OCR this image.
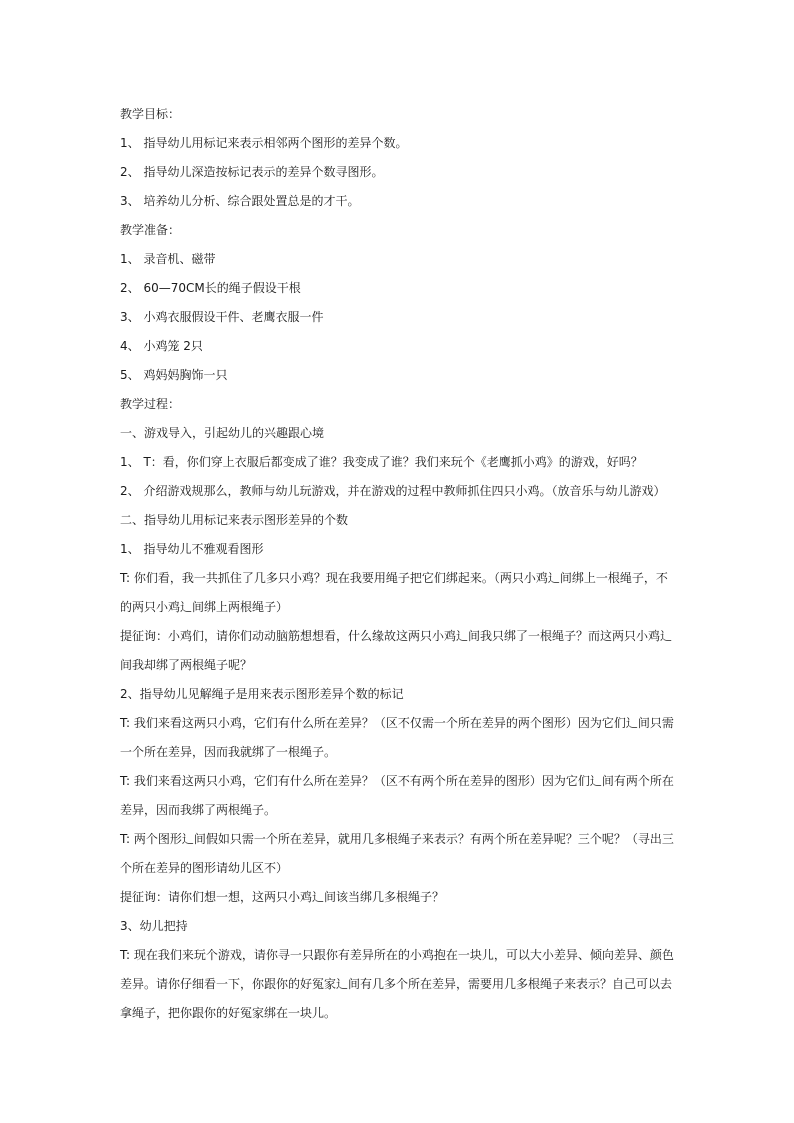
教学目标：

1、 指导幼儿用标记来表示相邻两个图形的差异个数。

2、 指导幼儿深造按标记表示的差异个数寻图形。

3、 培养幼儿分析、综合跟处置总是的才干。

教学准备：

1、 录音机、磁带

2、 60—70CM长的绳子假设干根

3、 小鸡衣服假设干件、老鹰衣服一件

4、 小鸡笼 2只

5、 鸡妈妈胸饰一只

教学过程：

一、游戏导入，引起幼儿的兴趣跟心境

1、 T：看，你们穿上衣服后都变成了谁？我变成了谁？我们来玩个《老鹰抓小鸡》的游戏，好吗？

2、 介绍游戏规那么，教师与幼儿玩游戏，并在游戏的过程中教师抓住四只小鸡。（放音乐与幼儿游戏）

二、指导幼儿用标记来表示图形差异的个数

1、 指导幼儿不雅观看图形

T: 你们看，我一共抓住了几多只小鸡？现在我要用绳子把它们绑起来。（两只小鸡辶间绑上一根绳子，不的两只小鸡辶间绑上两根绳子）

提征询：小鸡们，请你们动动脑筋想想看，什么缘故这两只小鸡辶间我只绑了一根绳子？而这两只小鸡辶间我却绑了两根绳子呢？

2、指导幼儿见解绳子是用来表示图形差异个数的标记

T: 我们来看这两只小鸡，它们有什么所在差异？（区不仅需一个所在差异的两个图形）因为它们辶间只需一个所在差异，因而我就绑了一根绳子。

T: 我们来看这两只小鸡，它们有什么所在差异？（区不有两个所在差异的图形）因为它们辶间有两个所在差异，因而我绑了两根绳子。

T: 两个图形辶间假如只需一个所在差异，就用几多根绳子来表示？有两个所在差异呢？三个呢？（寻出三个所在差异的图形请幼儿区不）

提征询：请你们想一想，这两只小鸡辶间该当绑几多根绳子？

3、幼儿把持

T: 现在我们来玩个游戏，请你寻一只跟你有差异所在的小鸡抱在一块儿，可以大小差异、倾向差异、颜色差异。请你仔细看一下，你跟你的好冤家辶间有几多个所在差异，需要用几多根绳子来表示？自己可以去拿绳子，把你跟你的好冤家绑在一块儿。
